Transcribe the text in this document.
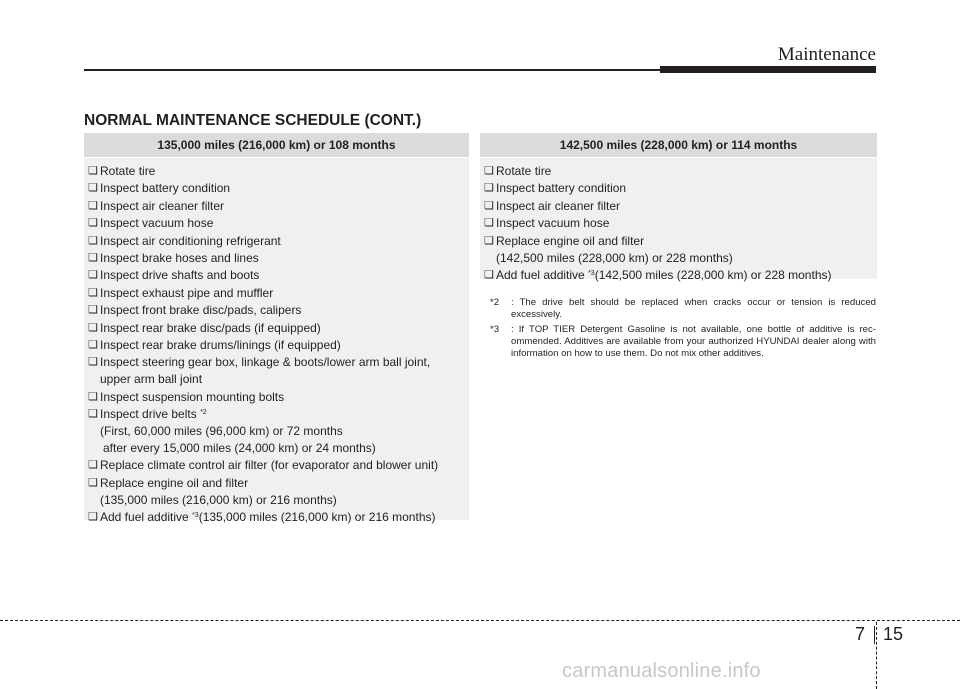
Maintenance
NORMAL MAINTENANCE SCHEDULE (CONT.)
135,000 miles (216,000 km) or 108 months
❏ Rotate tire
❏ Inspect battery condition
❏ Inspect air cleaner filter
❏ Inspect vacuum hose
❏ Inspect air conditioning refrigerant
❏ Inspect brake hoses and lines
❏ Inspect drive shafts and boots
❏ Inspect exhaust pipe and muffler
❏ Inspect front brake disc/pads, calipers
❏ Inspect rear brake disc/pads (if equipped)
❏ Inspect rear brake drums/linings (if equipped)
❏ Inspect steering gear box, linkage & boots/lower arm ball joint,
upper arm ball joint
❏ Inspect suspension mounting bolts
❏ Inspect drive belts $^{*2}$
(First, 60,000 miles (96,000 km) or 72 months
after every 15,000 miles (24,000 km) or 24 months)
❏ Replace climate control air filter (for evaporator and blower unit)
❏ Replace engine oil and filter
(135,000 miles (216,000 km) or 216 months)
❏ Add fuel additive $^{*3}$(135,000 miles (216,000 km) or 216 months)
142,500 miles (228,000 km) or 114 months
❏ Rotate tire
❏ Inspect battery condition
❏ Inspect air cleaner filter
❏ Inspect vacuum hose
❏ Replace engine oil and filter
(142,500 miles (228,000 km) or 228 months)
❏ Add fuel additive $^{*3}$(142,500 miles (228,000 km) or 228 months)
*2 : The drive belt should be replaced when cracks occur or tension is reduced excessively.
*3 : If TOP TIER Detergent Gasoline is not available, one bottle of additive is rec-ommended. Additives are available from your authorized HYUNDAI dealer along with information on how to use them. Do not mix other additives.
7 15
carmanualsonline.info
